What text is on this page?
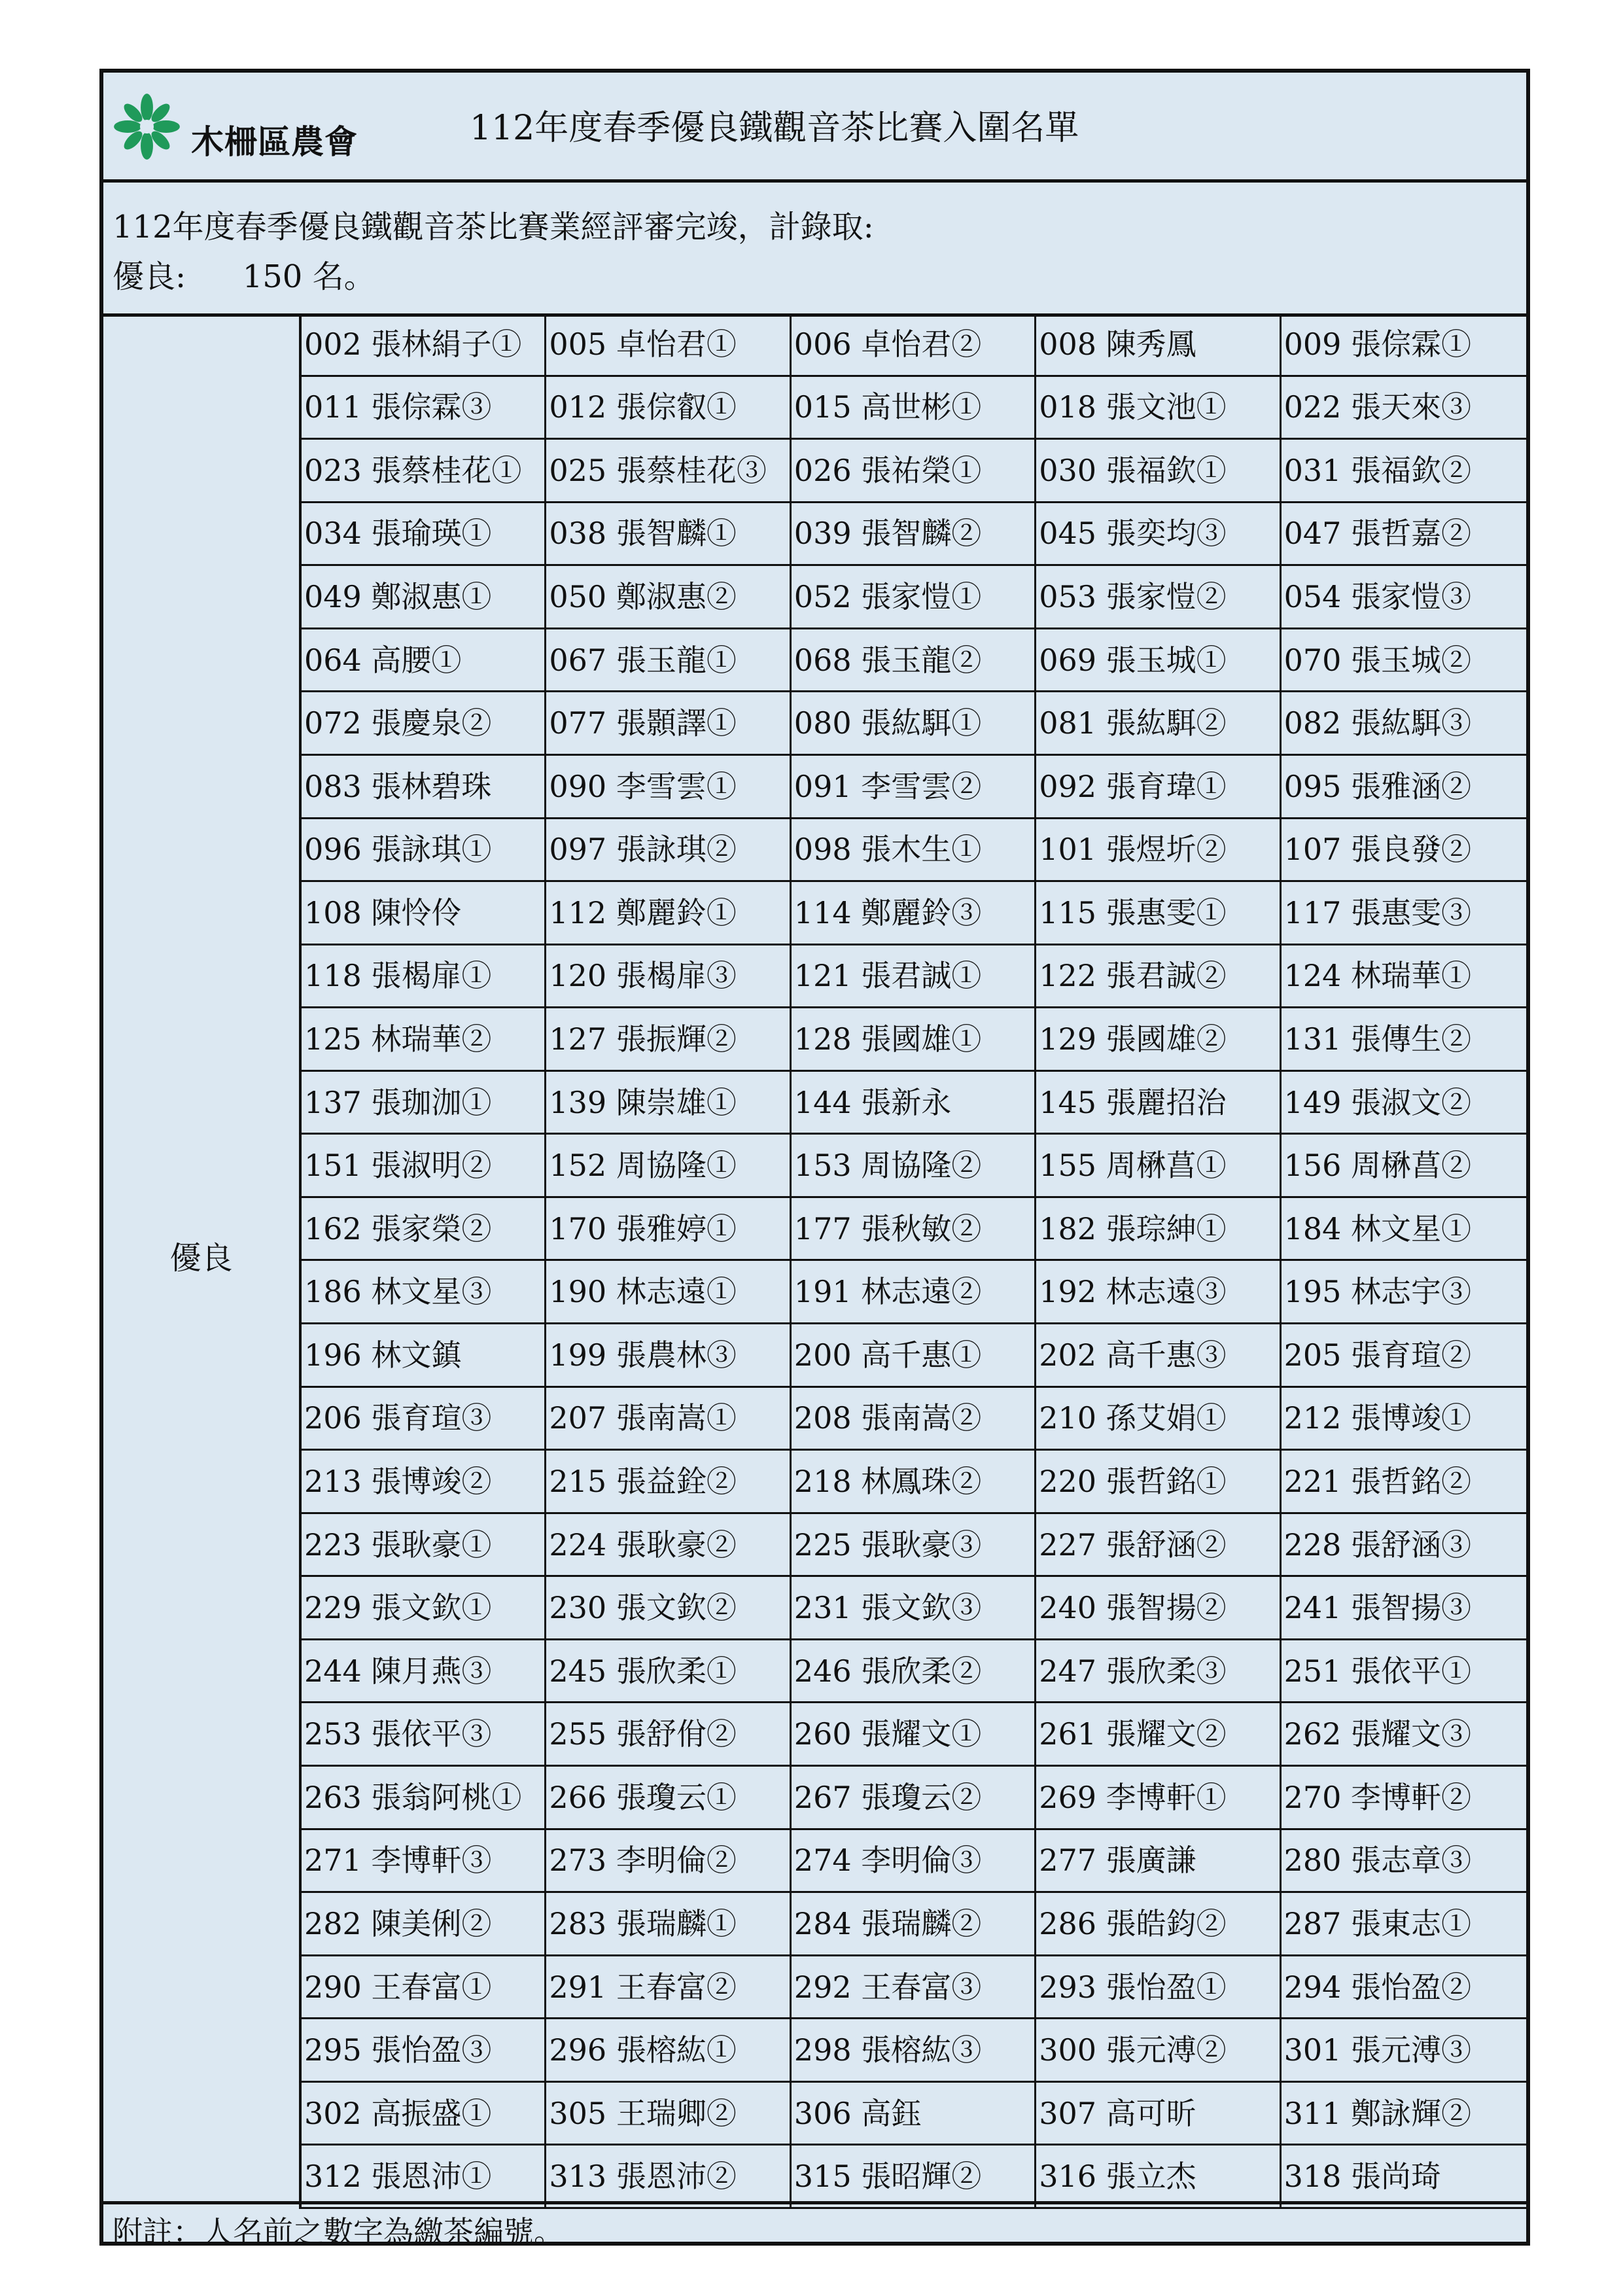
木柵區農會	112年度春季優良鐵觀音茶比賽入圍名單
112年度春季優良鐵觀音茶比賽業經評審完竣，計錄取:
優良: 150 名。
優良
002 張林絹子① 005 卓怡君①	006 卓怡君②	008 陳秀鳳	009 張倧霖①
011 張倧霖③	012 張倧叡①	015 高世彬①	018 張文池①	022 張天來③
023 張蔡桂花① 025 張蔡桂花③ 026 張祐榮①	030 張福欽①	031 張福欽②
034 張瑜瑛①	038 張智麟①	039 張智麟②	045 張奕均③	047 張哲嘉②
049 鄭淑惠①	050 鄭淑惠②	052 張家愷①	053 張家愷②	054 張家愷③
064 高腰①	067 張玉龍①	068 張玉龍②	069 張玉城①	070 張玉城②
072 張慶泉②	077 張顥譯①	080 張紘駬①	081 張紘駬②	082 張紘駬③
083 張林碧珠	090 李雪雲①	091 李雪雲②	092 張育瑋①	095 張雅涵②
096 張詠琪①	097 張詠琪②	098 張木生①	101 張煜圻②	107 張良發②
108 陳怜伶	112 鄭麗鈴①	114 鄭麗鈴③	115 張惠雯①	117 張惠雯③
118 張楬扉①	120 張楬扉③	121 張君誠①	122 張君誠②	124 林瑞華①
125 林瑞華②	127 張振輝②	128 張國雄①	129 張國雄②	131 張傳生②
137 張珈泇①	139 陳崇雄①	144 張新永	145 張麗招治	149 張淑文②
151 張淑明②	152 周協隆①	153 周協隆②	155 周楙菖①	156 周楙菖②
162 張家榮②	170 張雅婷①	177 張秋敏②	182 張琮紳①	184 林文星①
186 林文星③	190 林志遠①	191 林志遠②	192 林志遠③	195 林志宇③
196 林文鎮	199 張農林③	200 高千惠①	202 高千惠③	205 張育瑄②
206 張育瑄③	207 張南嵩①	208 張南嵩②	210 孫艾娟①	212 張博竣①
213 張博竣②	215 張益銓②	218 林鳳珠②	220 張哲銘①	221 張哲銘②
223 張耿豪①	224 張耿豪②	225 張耿豪③	227 張舒涵②	228 張舒涵③
229 張文欽①	230 張文欽②	231 張文欽③	240 張智揚②	241 張智揚③
244 陳月燕③	245 張欣柔①	246 張欣柔②	247 張欣柔③	251 張依平①
253 張依平③	255 張舒佾②	260 張耀文①	261 張耀文②	262 張耀文③
263 張翁阿桃① 266 張瓊云①	267 張瓊云②	269 李博軒①	270 李博軒②
271 李博軒③	273 李明倫②	274 李明倫③	277 張廣謙	280 張志章③
282 陳美俐②	283 張瑞麟①	284 張瑞麟②	286 張皓鈞②	287 張東志①
290 王春富①	291 王春富②	292 王春富③	293 張怡盈①	294 張怡盈②
295 張怡盈③	296 張榕紘①	298 張榕紘③	300 張元溥②	301 張元溥③
302 高振盛①	305 王瑞卿②	306 高鈺	307 高可昕	311 鄭詠輝②
312 張恩沛①	313 張恩沛②	315 張昭輝②	316 張立杰	318 張尚琦
附註：人名前之數字為繳茶編號。
